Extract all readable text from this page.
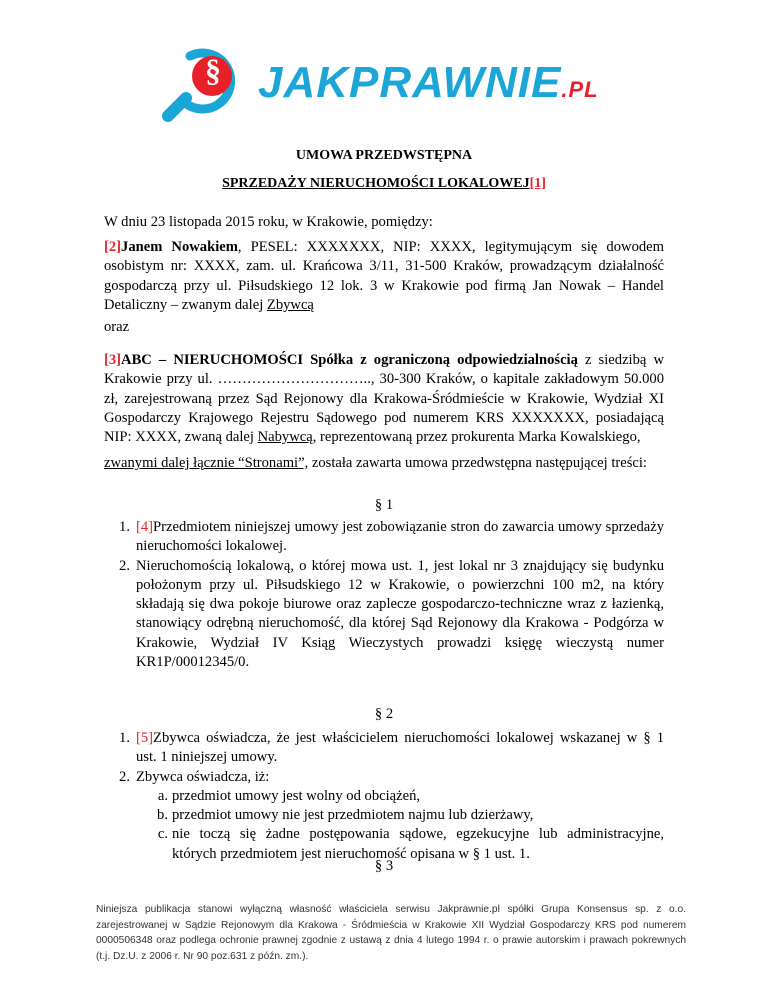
§ JAKPRAWNIE.PL
UMOWA PRZEDWSTĘPNA
SPRZEDAŻY NIERUCHOMOŚCI LOKALOWEJ[1]
W dniu 23 listopada 2015 roku, w Krakowie, pomiędzy:
[2]Janem Nowakiem, PESEL: XXXXXXX, NIP: XXXX, legitymującym się dowodem osobistym nr: XXXX, zam. ul. Krańcowa 3/11, 31-500 Kraków, prowadzącym działalność gospodarczą przy ul. Piłsudskiego 12 lok. 3 w Krakowie pod firmą Jan Nowak – Handel Detaliczny – zwanym dalej Zbywcą
oraz
[3]ABC – NIERUCHOMOŚCI Spółka z ograniczoną odpowiedzialnością z siedzibą w Krakowie przy ul. ………………………….., 30-300 Kraków, o kapitale zakładowym 50.000 zł, zarejestrowaną przez Sąd Rejonowy dla Krakowa-Śródmieście w Krakowie, Wydział XI Gospodarczy Krajowego Rejestru Sądowego pod numerem KRS XXXXXXX, posiadającą NIP: XXXX, zwaną dalej Nabywcą, reprezentowaną przez prokurenta Marka Kowalskiego,
zwanymi dalej łącznie “Stronami”, została zawarta umowa przedwstępna następującej treści:
§ 1
1. [4]Przedmiotem niniejszej umowy jest zobowiązanie stron do zawarcia umowy sprzedaży nieruchomości lokalowej.
2. Nieruchomością lokalową, o której mowa ust. 1, jest lokal nr 3 znajdujący się budynku położonym przy ul. Piłsudskiego 12 w Krakowie, o powierzchni 100 m2, na który składają się dwa pokoje biurowe oraz zaplecze gospodarczo-techniczne wraz z łazienką, stanowiący odrębną nieruchomość, dla której Sąd Rejonowy dla Krakowa - Podgórza w Krakowie, Wydział IV Ksiąg Wieczystych prowadzi księgę wieczystą numer KR1P/00012345/0.
§ 2
1. [5]Zbywca oświadcza, że jest właścicielem nieruchomości lokalowej wskazanej w § 1 ust. 1 niniejszej umowy.
2. Zbywca oświadcza, iż:
a. przedmiot umowy jest wolny od obciążeń,
b. przedmiot umowy nie jest przedmiotem najmu lub dzierżawy,
c. nie toczą się żadne postępowania sądowe, egzekucyjne lub administracyjne, których przedmiotem jest nieruchomość opisana w § 1 ust. 1.
§ 3
Niniejsza publikacja stanowi wyłączną własność właściciela serwisu Jakprawnie.pl spółki Grupa Konsensus sp. z o.o. zarejestrowanej w Sądzie Rejonowym dla Krakowa - Śródmieścia w Krakowie XII Wydział Gospodarczy KRS pod numerem 0000506348 oraz podlega ochronie prawnej zgodnie z ustawą z dnia 4 lutego 1994 r. o prawie autorskim i prawach pokrewnych (t.j. Dz.U. z 2006 r. Nr 90 poz.631 z późn. zm.).
